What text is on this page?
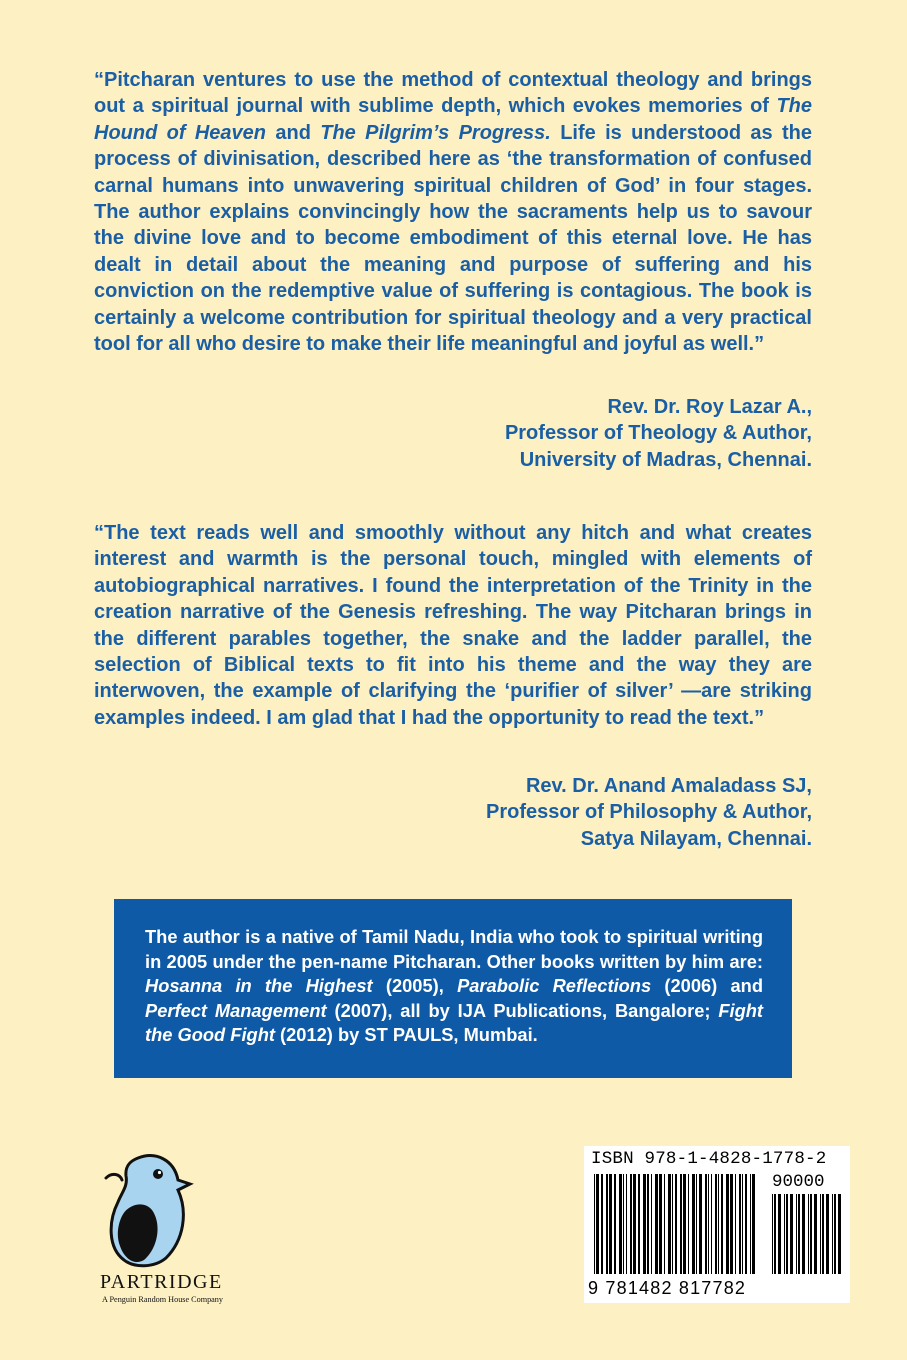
“Pitcharan ventures to use the method of contextual theology and brings out a spiritual journal with sublime depth, which evokes memories of The Hound of Heaven and The Pilgrim’s Progress. Life is understood as the process of divinisation, described here as ‘the transformation of confused carnal humans into unwavering spiritual children of God’ in four stages. The author explains convincingly how the sacraments help us to savour the divine love and to become embodiment of this eternal love. He has dealt in detail about the meaning and purpose of suffering and his conviction on the redemptive value of suffering is contagious. The book is certainly a welcome contribution for spiritual theology and a very practical tool for all who desire to make their life meaningful and joyful as well.”

Rev. Dr. Roy Lazar A.,
Professor of Theology & Author,
University of Madras, Chennai.

“The text reads well and smoothly without any hitch and what creates interest and warmth is the personal touch, mingled with elements of autobiographical narratives. I found the interpretation of the Trinity in the creation narrative of the Genesis refreshing. The way Pitcharan brings in the different parables together, the snake and the ladder parallel, the selection of Biblical texts to fit into his theme and the way they are interwoven, the example of clarifying the ‘purifier of silver’ —are striking examples indeed. I am glad that I had the opportunity to read the text.”

Rev. Dr. Anand Amaladass SJ,
Professor of Philosophy & Author,
Satya Nilayam, Chennai.

The author is a native of Tamil Nadu, India who took to spiritual writing in 2005 under the pen-name Pitcharan. Other books written by him are: Hosanna in the Highest (2005), Parabolic Reflections (2006) and Perfect Management (2007), all by IJA Publications, Bangalore; Fight the Good Fight (2012) by ST PAULS, Mumbai.

PARTRIDGE
A Penguin Random House Company
ISBN 978-1-4828-1778-2
90000
9 781482 817782
